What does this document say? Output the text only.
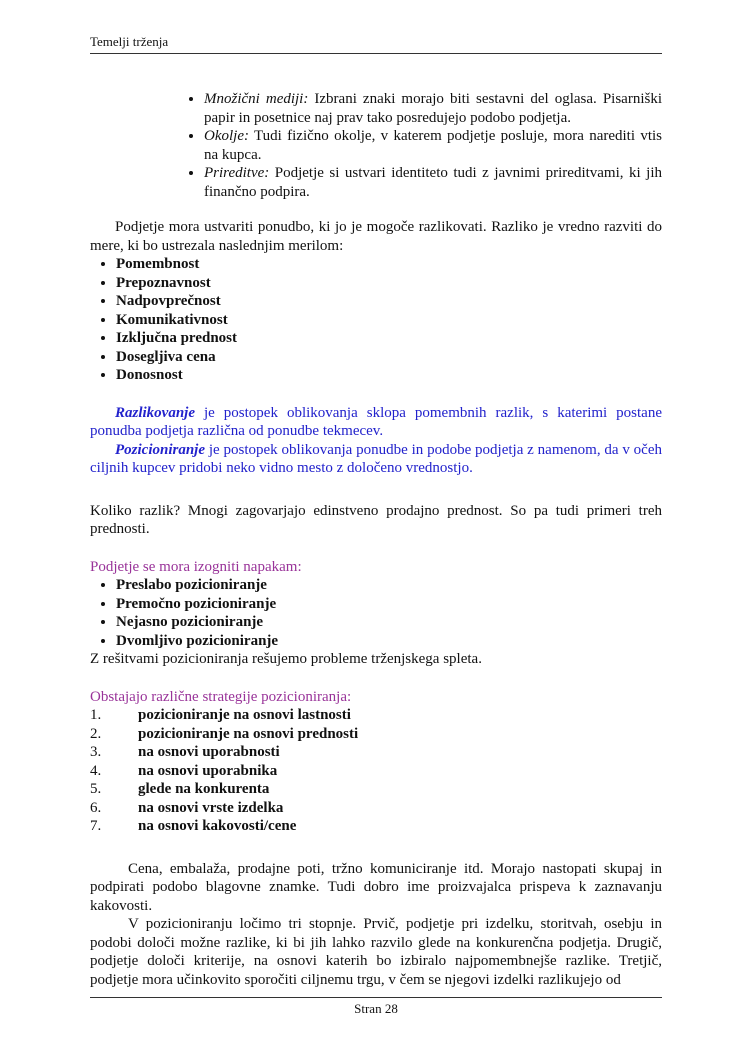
Temelji trženja
• Množični mediji: Izbrani znaki morajo biti sestavni del oglasa. Pisarniški papir in posetnice naj prav tako posredujejo podobo podjetja.
• Okolje: Tudi fizično okolje, v katerem podjetje posluje, mora narediti vtis na kupca.
• Prireditve: Podjetje si ustvari identiteto tudi z javnimi prireditvami, ki jih finančno podpira.

Podjetje mora ustvariti ponudbo, ki jo je mogoče razlikovati. Razliko je vredno razviti do mere, ki bo ustrezala naslednjim merilom:

• Pomembnost
• Prepoznavnost
• Nadpovprečnost
• Komunikativnost
• Izključna prednost
• Dosegljiva cena
• Donosnost

Razlikovanje je postopek oblikovanja sklopa pomembnih razlik, s katerimi postane ponudba podjetja različna od ponudbe tekmecev.

Pozicioniranje je postopek oblikovanja ponudbe in podobe podjetja z namenom, da v očeh ciljnih kupcev pridobi neko vidno mesto z določeno vrednostjo.

Koliko razlik? Mnogi zagovarjajo edinstveno prodajno prednost. So pa tudi primeri treh prednosti.

Podjetje se mora izogniti napakam:

• Preslabo pozicioniranje
• Premočno pozicioniranje
• Nejasno pozicioniranje
• Dvomljivo pozicioniranje

Z rešitvami pozicioniranja rešujemo probleme trženjskega spleta.

Obstajajo različne strategije pozicioniranja:

1.	pozicioniranje na osnovi lastnosti
2.	pozicioniranje na osnovi prednosti
3.	na osnovi uporabnosti
4.	na osnovi uporabnika
5.	glede na konkurenta
6.	na osnovi vrste izdelka
7.	na osnovi kakovosti/cene

Cena, embalaža, prodajne poti, tržno komuniciranje itd. Morajo nastopati skupaj in podpirati podobo blagovne znamke. Tudi dobro ime proizvajalca prispeva k zaznavanju kakovosti.

V pozicioniranju ločimo tri stopnje. Prvič, podjetje pri izdelku, storitvah, osebju in podobi določi možne razlike, ki bi jih lahko razvilo glede na konkurenčna podjetja. Drugič, podjetje določi kriterije, na osnovi katerih bo izbiralo najpomembnejše razlike. Tretjič, podjetje mora učinkovito sporočiti ciljnemu trgu, v čem se njegovi izdelki razlikujejo od

Stran 28
